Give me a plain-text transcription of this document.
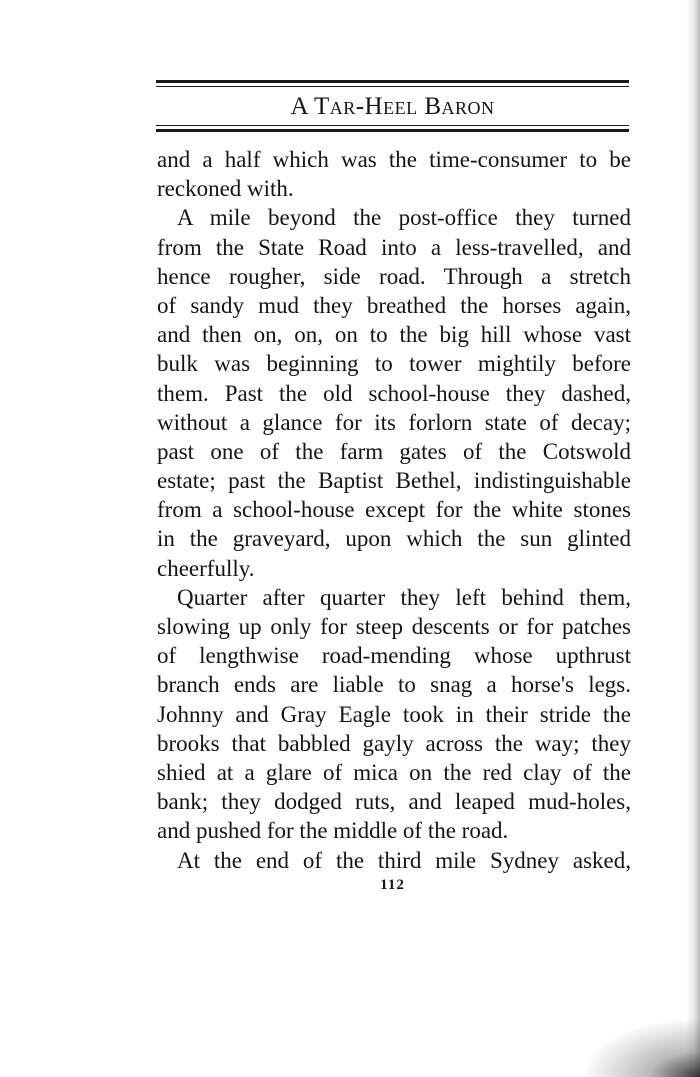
A Tar-Heel Baron
and a half which was the time-consumer to be
reckoned with.
A mile beyond the post-office they turned
from the State Road into a less-travelled, and
hence rougher, side road. Through a stretch
of sandy mud they breathed the horses again,
and then on, on, on to the big hill whose vast
bulk was beginning to tower mightily before
them. Past the old school-house they dashed,
without a glance for its forlorn state of decay;
past one of the farm gates of the Cotswold
estate; past the Baptist Bethel, indistinguishable
from a school-house except for the white stones
in the graveyard, upon which the sun glinted
cheerfully.
Quarter after quarter they left behind them,
slowing up only for steep descents or for patches
of lengthwise road-mending whose upthrust
branch ends are liable to snag a horse's legs.
Johnny and Gray Eagle took in their stride the
brooks that babbled gayly across the way; they
shied at a glare of mica on the red clay of the
bank; they dodged ruts, and leaped mud-holes,
and pushed for the middle of the road.
At the end of the third mile Sydney asked,
112
